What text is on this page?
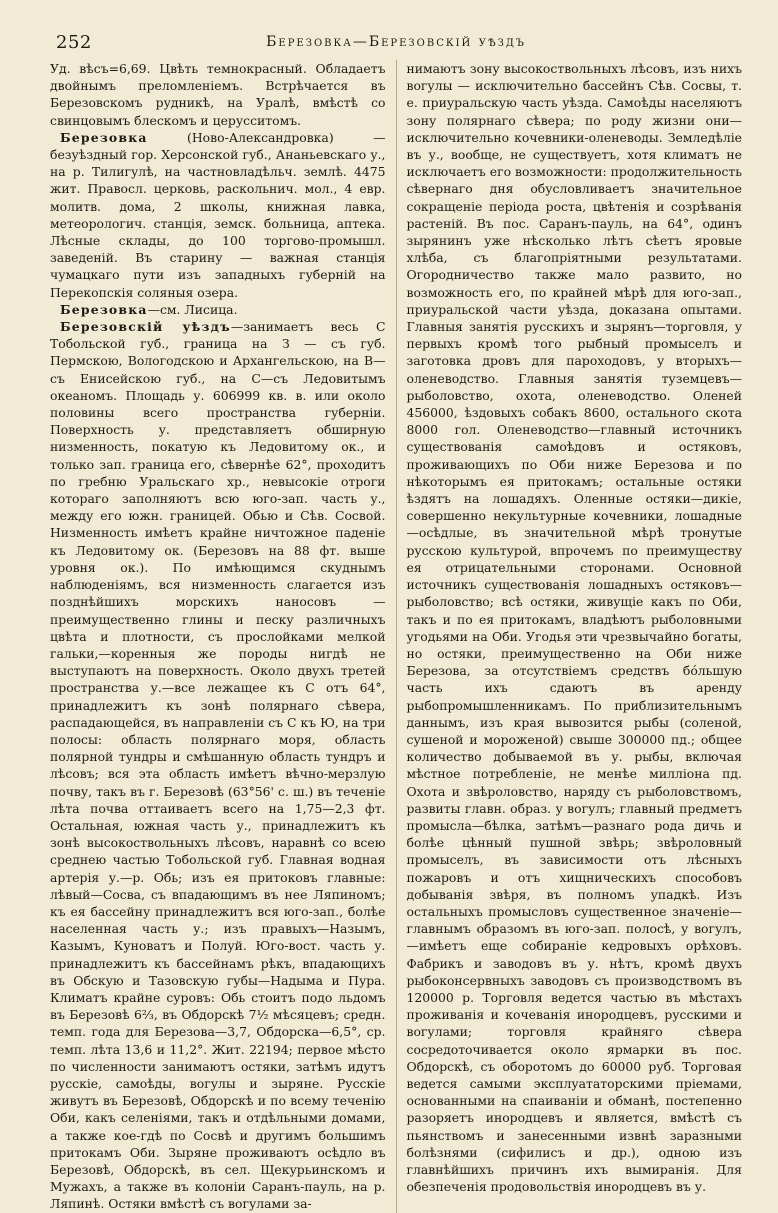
252	Березовка—Березовскій уѣздъ

Уд. вѣсъ=6,69. Цвѣть темнокрасный. Обладаетъ двойнымъ преломленіемъ. Встрѣчается въ Березовскомъ рудникѣ, на Уралѣ, вмѣстѣ со свинцовымъ блескомъ и церусситомъ.

Березовка	(Ново-Александровка) — безуѣздный гор. Херсонской губ., Ананьевскаго у., на р. Тилигулѣ, на частновладѣльч. землѣ. 4475 жит. Правосл. церковь, раскольнич. мол., 4 евр. молитв. дома, 2 школы, книжная лавка, метеорологич. станція, земск. больница, аптека. Лѣсные склады, до 100 торгово-промышл. заведеній. Въ старину — важная станція чумацкаго пути изъ западныхъ губерній на Перекопскія соляныя озера.

Березовка—см. Лисица.

Березовскій уѣздъ—занимаетъ весь С Тобольской губ., граница на З — съ губ. Пермскою, Вологодскою и Архангельскою, на В—съ Енисейскою губ., на С—съ Ледовитымъ океаномъ. Площадь у. 606999 кв. в. или около половины всего пространства губерніи. Поверхность у. представляетъ обширную низменность, покатую къ Ледовитому ок., и только зап. граница его, сѣвернѣе 62°, проходитъ по гребню Уральскаго хр., невысокіе отроги котораго заполняютъ всю юго-зап. часть у., между его южн. границей. Обью и Сѣв. Сосвой. Низменность имѣетъ крайне ничтожное паденіе къ Ледовитому ок. (Березовъ на 88 фт. выше уровня ок.). По имѣющимся скуднымъ наблюденіямъ, вся низменность слагается изъ позднѣйшихъ морскихъ наносовъ — преимущественно глины и песку различныхъ цвѣта и плотности, съ прослойками мелкой гальки,—коренныя же породы нигдѣ не выступаютъ на поверхность. Около двухъ третей пространства у.—все лежащее къ С отъ 64°, принадлежитъ къ зонѣ полярнаго сѣвера, распадающейся, въ направленіи съ С къ Ю, на три полосы: область полярнаго моря, область полярной тундры и смѣшанную область тундръ и лѣсовъ; вся эта область имѣетъ вѣчно-мерзлую почву, такъ въ г. Березовѣ (63°56' с. ш.) въ теченіе лѣта почва оттаиваетъ всего на 1,75—2,3 фт. Остальная, южная часть у., принадлежитъ къ зонѣ высокоствольныхъ лѣсовъ, наравнѣ со всею среднею частью Тобольской губ. Главная водная артерія у.—р. Обь; изъ ея притоковъ главные: лѣвый—Сосва, съ впадающимъ въ нее Ляпиномъ; къ ея бассейну принадлежитъ вся юго-зап., болѣе населенная часть у.; изъ правыхъ—Назымъ, Казымъ, Куноватъ и Полуй. Юго-вост. часть у. принадлежитъ къ бассейнамъ рѣкъ, впадающихъ въ Обскую и Тазовскую губы—Надыма и Пура. Климатъ крайне суровъ: Обь стоитъ подо льдомъ въ Березовѣ 6⅔, въ Обдорскѣ 7½ мѣсяцевъ; средн. темп. года для Березова—3,7, Обдорска—6,5°, ср. темп. лѣта 13,6 и 11,2°. Жит. 22194; первое мѣсто по численности занимаютъ остяки, затѣмъ идутъ русскіе, самоѣды, вогулы и зыряне. Русскіе живутъ въ Березовѣ, Обдорскѣ и по всему теченію Оби, какъ селеніями, такъ и отдѣльными домами, а также кое-гдѣ по Сосвѣ и другимъ большимъ притокамъ Оби. Зыряне проживаютъ осѣдло въ Березовѣ, Обдорскѣ, въ сел. Щекурьинскомъ и Мужахъ, а также въ колоніи Саранъ-пауль, на р. Ляпинѣ. Остяки вмѣстѣ съ вогулами за-

нимаютъ зону высокоствольныхъ лѣсовъ, изъ нихъ вогулы — исключительно бассейнъ Сѣв. Сосвы, т. е. приуральскую часть уѣзда. Самоѣды населяютъ зону полярнаго сѣвера; по роду жизни они—исключительно кочевники-оленеводы. Земледѣліе въ у., вообще, не существуетъ, хотя климатъ не исключаетъ его возможности: продолжительность сѣвернаго дня обусловливаетъ значительное сокращеніе періода роста, цвѣтенія и созрѣванія растеній. Въ пос. Саранъ-пауль, на 64°, одинъ зырянинъ уже нѣсколько лѣтъ сѣетъ яровые хлѣба, съ благопріятными результатами. Огородничество также мало развито, но возможность его, по крайней мѣрѣ для юго-зап., приуральской части уѣзда, доказана опытами. Главныя занятія русскихъ и зырянъ—торговля, у первыхъ кромѣ того рыбный промыселъ и заготовка дровъ для пароходовъ, у вторыхъ—оленеводство. Главныя занятія туземцевъ—рыболовство, охота, оленеводство. Оленей 456000, ѣздовыхъ собакъ 8600, остального скота 8000 гол. Оленеводство—главный источникъ существованія самоѣдовъ и остяковъ, проживающихъ по Оби ниже Березова и по нѣкоторымъ ея притокамъ; остальные остяки ѣздятъ на лошадяхъ. Оленные остяки—дикіе, совершенно некультурные кочевники, лошадные—осѣдлые, въ значительной мѣрѣ тронутые русскою культурой, впрочемъ по преимуществу ея отрицательными сторонами. Основной источникъ существованія лошадныхъ остяковъ—рыболовство; всѣ остяки, живущіе какъ по Оби, такъ и по ея притокамъ, владѣютъ рыболовными угодьями на Оби. Угодья эти чрезвычайно богаты, но остяки, преимущественно на Оби ниже Березова, за отсутствіемъ средствъ бóльшую часть ихъ сдаютъ въ аренду рыбопромышленникамъ. По приблизительнымъ даннымъ, изъ края вывозится рыбы (соленой, сушеной и мороженой) свыше 300000 пд.; общее количество добываемой въ у. рыбы, включая мѣстное потребленіе, не менѣе милліона пд. Охота и звѣроловство, наряду съ рыболовствомъ, развиты главн. образ. у вогулъ; главный предметъ промысла—бѣлка, затѣмъ—разнаго рода дичь и болѣе цѣнный пушной звѣрь; звѣроловный промыселъ, въ зависимости отъ лѣсныхъ пожаровъ и отъ хищническихъ способовъ добыванія звѣря, въ полномъ упадкѣ. Изъ остальныхъ промысловъ существенное значеніе—главнымъ образомъ въ юго-зап. полосѣ, у вогулъ,—имѣетъ еще собираніе кедровыхъ орѣховъ. Фабрикъ и заводовъ въ у. нѣтъ, кромѣ двухъ рыбоконсервныхъ заводовъ съ производствомъ въ 120000 р. Торговля ведется частью въ мѣстахъ проживанія и кочеванія инородцевъ, русскими и вогулами; торговля крайняго сѣвера сосредоточивается около ярмарки въ пос. Обдорскѣ, съ оборотомъ до 60000 руб. Торговая ведется самыми эксплуататорскими пріемами, основанными на спаиваніи и обманѣ, постепенно разоряетъ инородцевъ и является, вмѣстѣ съ пьянствомъ и занесенными извнѣ заразными болѣзнями (сифилисъ и др.), одною изъ главнѣйшихъ причинъ ихъ вымиранія. Для обезпеченія продовольствія инородцевъ въ у.
